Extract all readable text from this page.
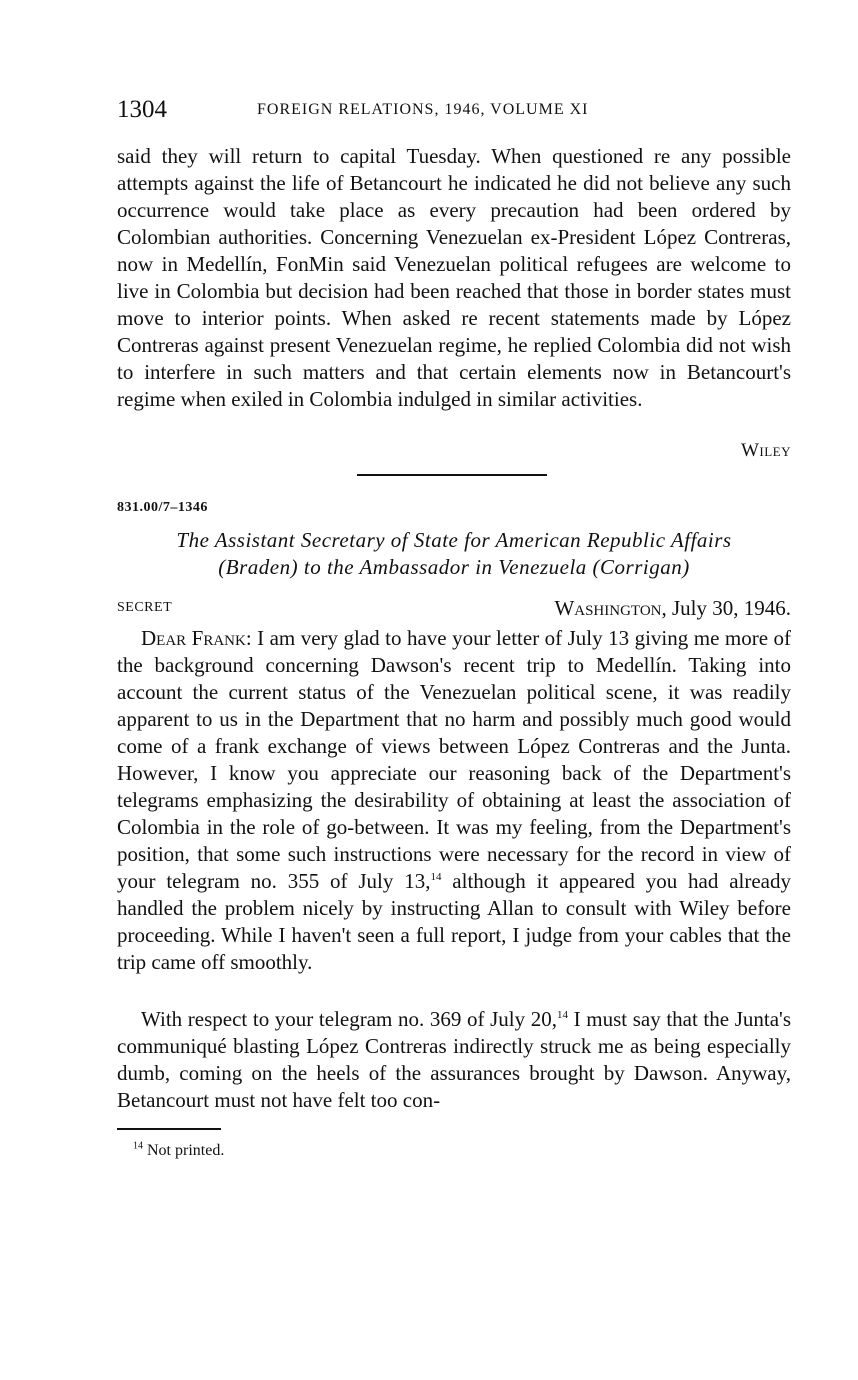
1304	FOREIGN RELATIONS, 1946, VOLUME XI

said they will return to capital Tuesday. When questioned re any possible attempts against the life of Betancourt he indicated he did not believe any such occurrence would take place as every precaution had been ordered by Colombian authorities. Concerning Venezuelan ex-President López Contreras, now in Medellín, FonMin said Venezuelan political refugees are welcome to live in Colombia but decision had been reached that those in border states must move to interior points. When asked re recent statements made by López Contreras against present Venezuelan regime, he replied Colombia did not wish to interfere in such matters and that certain elements now in Betancourt's regime when exiled in Colombia indulged in similar activities.

Wiley
831.00/7–1346
The Assistant Secretary of State for American Republic Affairs
(Braden) to the Ambassador in Venezuela (Corrigan)
SECRET	Washington, July 30, 1946.

Dear Frank: I am very glad to have your letter of July 13 giving me more of the background concerning Dawson's recent trip to Medellín. Taking into account the current status of the Venezuelan political scene, it was readily apparent to us in the Department that no harm and possibly much good would come of a frank exchange of views between López Contreras and the Junta. However, I know you appreciate our reasoning back of the Department's telegrams emphasizing the desirability of obtaining at least the association of Colombia in the role of go-between. It was my feeling, from the Department's position, that some such instructions were necessary for the record in view of your telegram no. 355 of July 13,14 although it appeared you had already handled the problem nicely by instructing Allan to consult with Wiley before proceeding. While I haven't seen a full report, I judge from your cables that the trip came off smoothly.

With respect to your telegram no. 369 of July 20,14 I must say that the Junta's communiqué blasting López Contreras indirectly struck me as being especially dumb, coming on the heels of the assurances brought by Dawson. Anyway, Betancourt must not have felt too con-

$^{14}$ Not printed.
